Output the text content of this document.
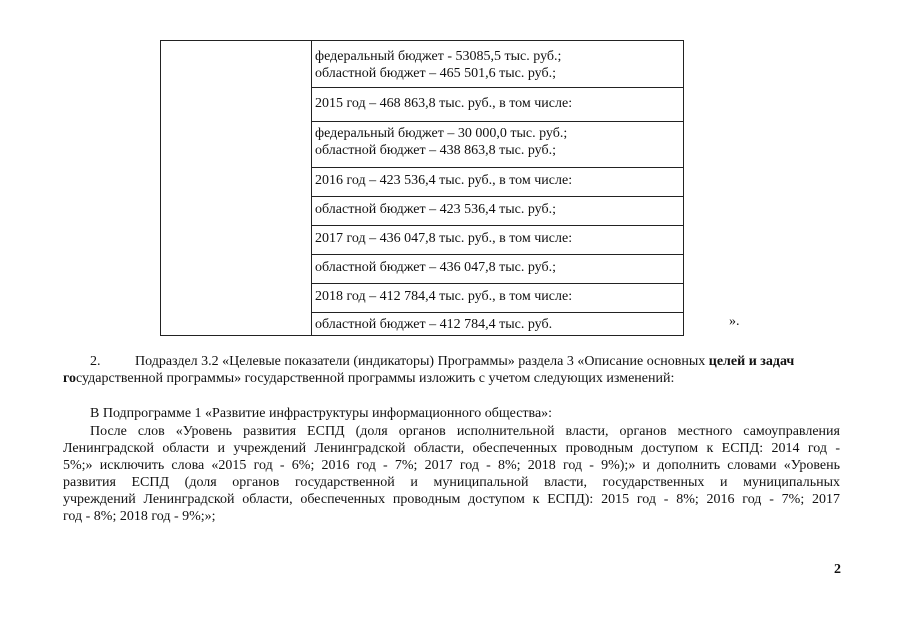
федеральный бюджет - 53085,5 тыс. руб.;
областной бюджет – 465 501,6 тыс. руб.;
2015 год – 468 863,8 тыс. руб., в том числе:
федеральный бюджет – 30 000,0 тыс. руб.;
областной бюджет – 438 863,8 тыс. руб.;
2016 год – 423 536,4 тыс. руб., в том числе:
областной бюджет – 423 536,4 тыс. руб.;
2017 год – 436 047,8 тыс. руб., в том числе:
областной бюджет – 436 047,8 тыс. руб.;
2018 год – 412 784,4 тыс. руб., в том числе:
областной бюджет – 412 784,4 тыс. руб.	».
2. Подраздел 3.2 «Целевые показатели (индикаторы) Программы» раздела 3 «Описание основных целей и задач
государственной программы» государственной программы изложить с учетом следующих изменений:
В Подпрограмме 1 «Развитие инфраструктуры информационного общества»:
После слов «Уровень развития ЕСПД (доля органов исполнительной власти, органов местного самоуправления
Ленинградской области и учреждений Ленинградской области, обеспеченных проводным доступом к ЕСПД: 2014 год -
5%;» исключить слова «2015 год - 6%; 2016 год - 7%; 2017 год - 8%; 2018 год - 9%);» и дополнить словами «Уровень
развития ЕСПД (доля органов государственной и муниципальной власти, государственных и муниципальных
учреждений Ленинградской области, обеспеченных проводным доступом к ЕСПД): 2015 год - 8%; 2016 год - 7%; 2017
год - 8%; 2018 год - 9%;»;
2
